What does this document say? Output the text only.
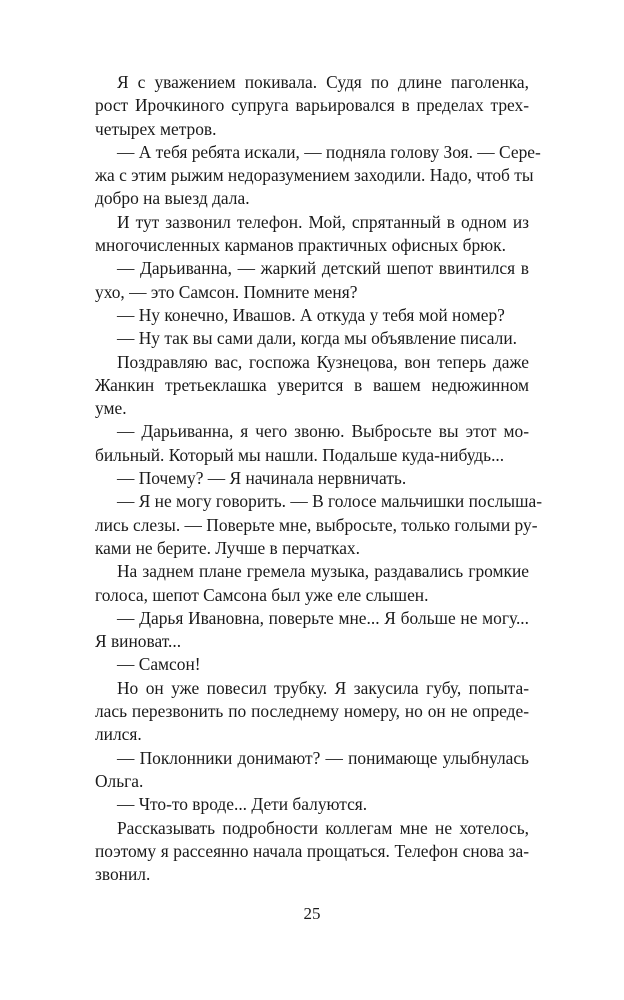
Я с уважением покивала. Судя по длине паголенка,
рост Ирочкиного супруга варьировался в пределах трех-
четырех метров.
— А тебя ребята искали, — подняла голову Зоя. — Сере-
жа с этим рыжим недоразумением заходили. Надо, чтоб ты
добро на выезд дала.
И тут зазвонил телефон. Мой, спрятанный в одном из
многочисленных карманов практичных офисных брюк.
— Дарьиванна, — жаркий детский шепот ввинтился в
ухо, — это Самсон. Помните меня?
— Ну конечно, Ивашов. А откуда у тебя мой номер?
— Ну так вы сами дали, когда мы объявление писали.
Поздравляю вас, госпожа Кузнецова, вон теперь даже
Жанкин третьеклашка уверится в вашем недюжинном
уме.
— Дарьиванна, я чего звоню. Выбросьте вы этот мо-
бильный. Который мы нашли. Подальше куда-нибудь...
— Почему? — Я начинала нервничать.
— Я не могу говорить. — В голосе мальчишки послыша-
лись слезы. — Поверьте мне, выбросьте, только голыми ру-
ками не берите. Лучше в перчатках.
На заднем плане гремела музыка, раздавались громкие
голоса, шепот Самсона был уже еле слышен.
— Дарья Ивановна, поверьте мне... Я больше не могу...
Я виноват...
— Самсон!
Но он уже повесил трубку. Я закусила губу, попыта-
лась перезвонить по последнему номеру, но он не опреде-
лился.
— Поклонники донимают? — понимающе улыбнулась
Ольга.
— Что-то вроде... Дети балуются.
Рассказывать подробности коллегам мне не хотелось,
поэтому я рассеянно начала прощаться. Телефон снова за-
звонил.
25
